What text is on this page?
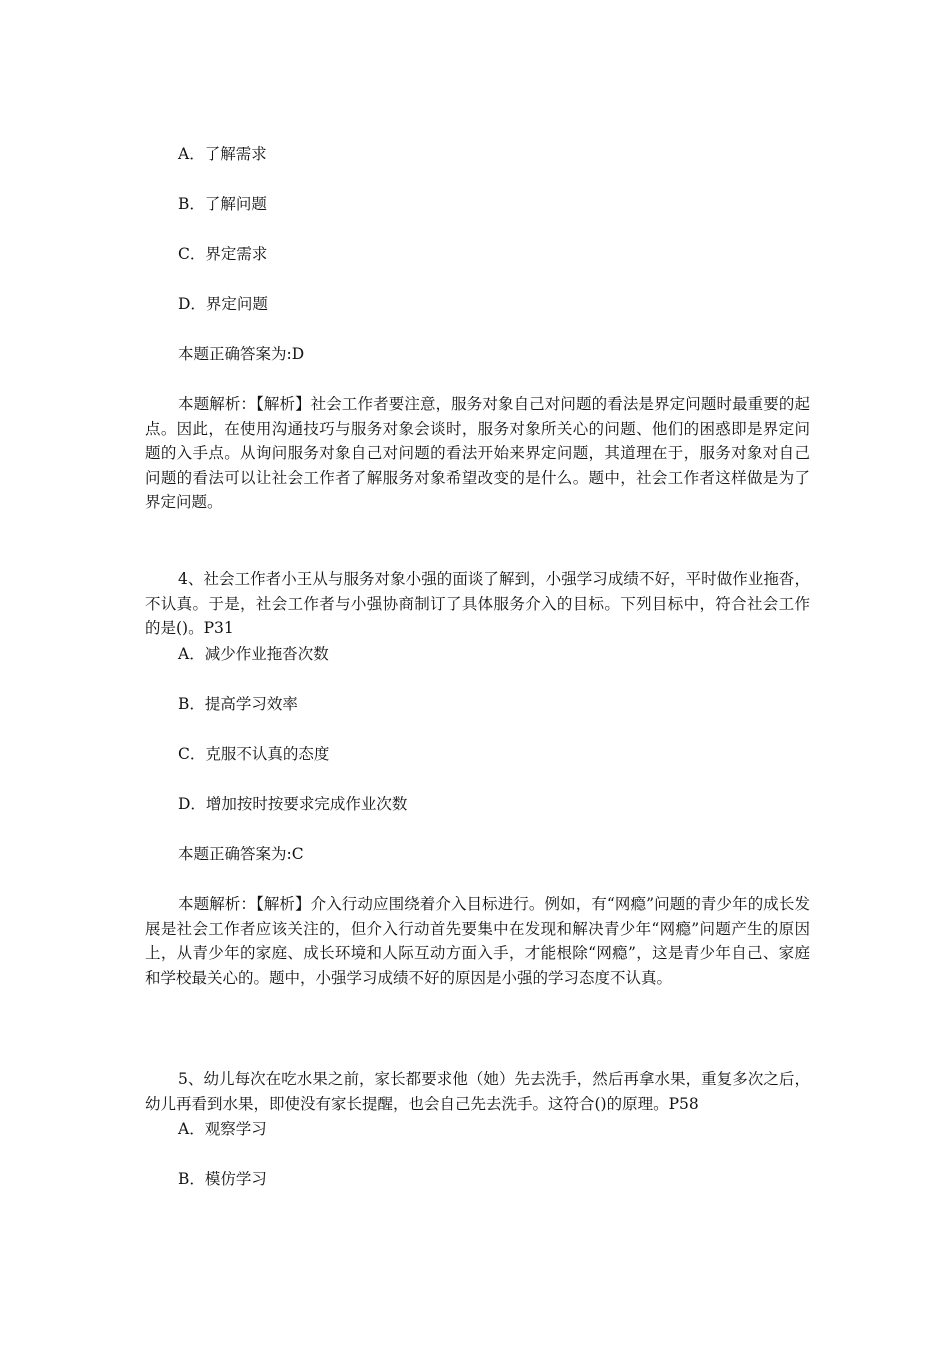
A．了解需求
B．了解问题
C．界定需求
D．界定问题
本题正确答案为:D
本题解析：【解析】社会工作者要注意，服务对象自己对问题的看法是界定问题时最重要的起点。因此，在使用沟通技巧与服务对象会谈时，服务对象所关心的问题、他们的困惑即是界定问题的入手点。从询问服务对象自己对问题的看法开始来界定问题，其道理在于，服务对象对自己问题的看法可以让社会工作者了解服务对象希望改变的是什么。题中，社会工作者这样做是为了界定问题。
4、社会工作者小王从与服务对象小强的面谈了解到，小强学习成绩不好，平时做作业拖沓，不认真。于是，社会工作者与小强协商制订了具体服务介入的目标。下列目标中，符合社会工作的是()。P31
A．减少作业拖沓次数
B．提高学习效率
C．克服不认真的态度
D．增加按时按要求完成作业次数
本题正确答案为:C
本题解析：【解析】介入行动应围绕着介入目标进行。例如，有“网瘾”问题的青少年的成长发展是社会工作者应该关注的，但介入行动首先要集中在发现和解决青少年“网瘾”问题产生的原因上，从青少年的家庭、成长环境和人际互动方面入手，才能根除“网瘾”，这是青少年自己、家庭和学校最关心的。题中，小强学习成绩不好的原因是小强的学习态度不认真。
5、幼儿每次在吃水果之前，家长都要求他（她）先去洗手，然后再拿水果，重复多次之后，幼儿再看到水果，即使没有家长提醒，也会自己先去洗手。这符合()的原理。P58
A．观察学习
B．模仿学习
